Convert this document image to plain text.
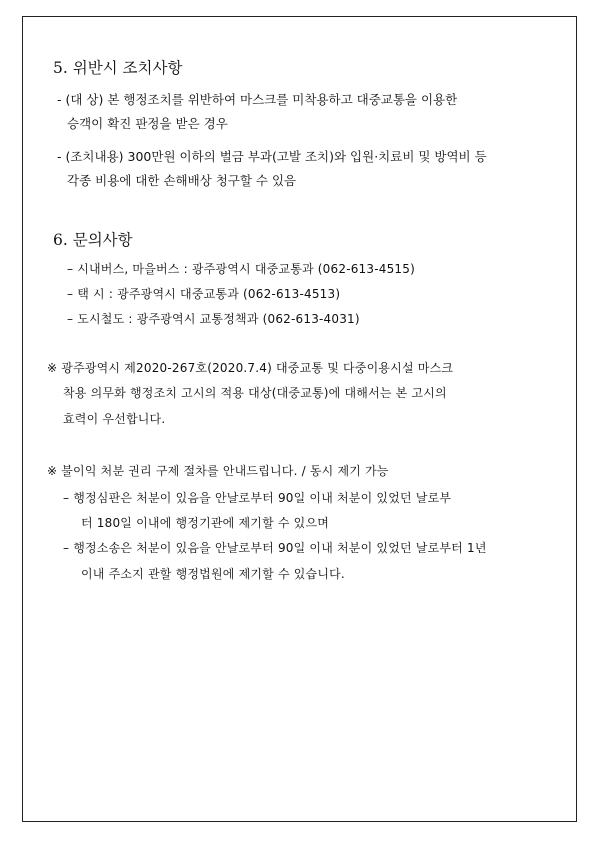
5. 위반시 조치사항
- (대 상) 본 행정조치를 위반하여 마스크를 미착용하고 대중교통을 이용한
승객이 확진 판정을 받은 경우
- (조치내용) 300만원 이하의 벌금 부과(고발 조치)와 입원·치료비 및 방역비 등
각종 비용에 대한 손해배상 청구할 수 있음
6. 문의사항
– 시내버스, 마을버스 : 광주광역시 대중교통과 (062-613-4515)
– 택 시 : 광주광역시 대중교통과 (062-613-4513)
– 도시철도 : 광주광역시 교통정책과 (062-613-4031)
※ 광주광역시 제2020-267호(2020.7.4) 대중교통 및 다중이용시설 마스크
착용 의무화 행정조치 고시의 적용 대상(대중교통)에 대해서는 본 고시의
효력이 우선합니다.
※ 불이익 처분 권리 구제 절차를 안내드립니다. / 동시 제기 가능
– 행정심판은 처분이 있음을 안날로부터 90일 이내 처분이 있었던 날로부
터 180일 이내에 행정기관에 제기할 수 있으며
– 행정소송은 처분이 있음을 안날로부터 90일 이내 처분이 있었던 날로부터 1년
이내 주소지 관할 행정법원에 제기할 수 있습니다.
